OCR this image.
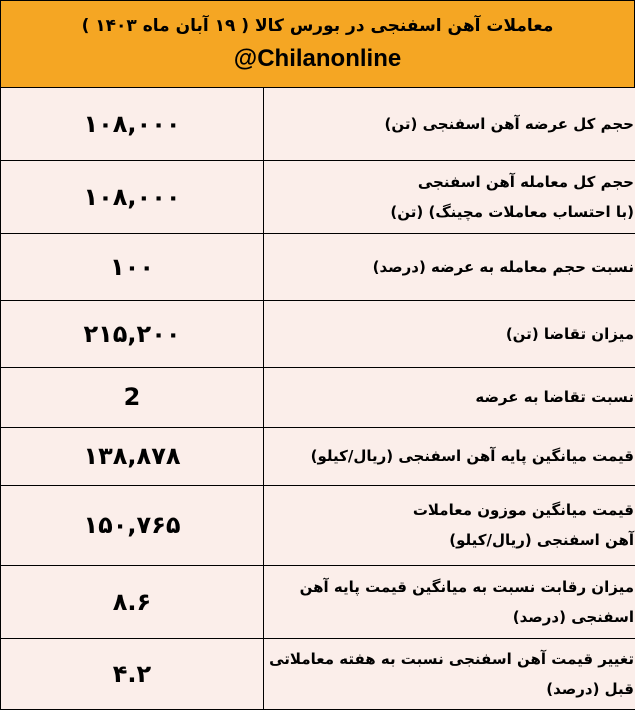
معاملات آهن اسفنجی در بورس کالا ( ۱۹ آبان ماه ۱۴۰۳ )
@Chilanonline
۱۰۸,۰۰۰	حجم کل عرضه آهن اسفنجی (تن)

۱۰۸,۰۰۰	حجم کل معامله آهن اسفنجی
(با احتساب معاملات مچینگ) (تن)

۱۰۰	نسبت حجم معامله به عرضه (درصد)

۲۱۵,۲۰۰	میزان تقاضا (تن)

2	نسبت تقاضا به عرضه

۱۳۸,۸۷۸	قیمت میانگین پایه آهن اسفنجی (ریال/کیلو)

۱۵۰,۷۶۵	قیمت میانگین موزون معاملات
آهن اسفنجی (ریال/کیلو)

۸.۶	میزان رقابت نسبت به میانگین قیمت پایه آهن
اسفنجی (درصد)

۴.۲	تغییر قیمت آهن اسفنجی نسبت به هفته معاملاتی
قبل (درصد)
